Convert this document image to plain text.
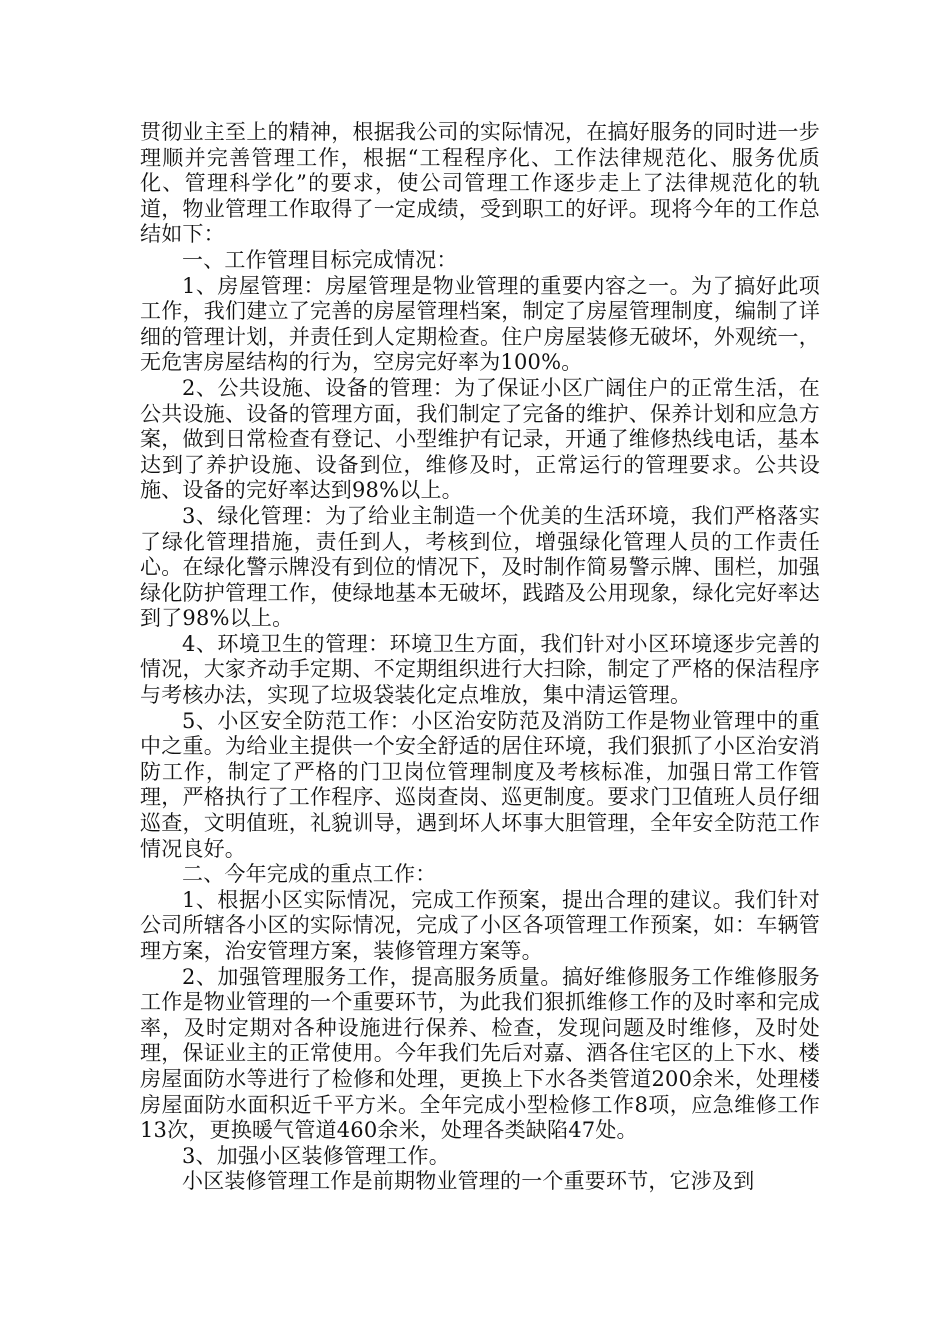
贯彻业主至上的精神，根据我公司的实际情况，在搞好服务的同时进一步理顺并完善管理工作，根据“工程程序化、工作法律规范化、服务优质化、管理科学化”的要求，使公司管理工作逐步走上了法律规范化的轨道，物业管理工作取得了一定成绩，受到职工的好评。现将今年的工作总结如下：

一、工作管理目标完成情况：

1、房屋管理：房屋管理是物业管理的重要内容之一。为了搞好此项工作，我们建立了完善的房屋管理档案，制定了房屋管理制度，编制了详细的管理计划，并责任到人定期检查。住户房屋装修无破坏，外观统一，无危害房屋结构的行为，空房完好率为100%。

2、公共设施、设备的管理：为了保证小区广阔住户的正常生活，在公共设施、设备的管理方面，我们制定了完备的维护、保养计划和应急方案，做到日常检查有登记、小型维护有记录，开通了维修热线电话，基本达到了养护设施、设备到位，维修及时，正常运行的管理要求。公共设施、设备的完好率达到98%以上。

3、绿化管理：为了给业主制造一个优美的生活环境，我们严格落实了绿化管理措施，责任到人，考核到位，增强绿化管理人员的工作责任心。在绿化警示牌没有到位的情况下，及时制作简易警示牌、围栏，加强绿化防护管理工作，使绿地基本无破坏，践踏及公用现象，绿化完好率达到了98%以上。

4、环境卫生的管理：环境卫生方面，我们针对小区环境逐步完善的情况，大家齐动手定期、不定期组织进行大扫除，制定了严格的保洁程序与考核办法，实现了垃圾袋装化定点堆放，集中清运管理。

5、小区安全防范工作：小区治安防范及消防工作是物业管理中的重中之重。为给业主提供一个安全舒适的居住环境，我们狠抓了小区治安消防工作，制定了严格的门卫岗位管理制度及考核标准，加强日常工作管理，严格执行了工作程序、巡岗查岗、巡更制度。要求门卫值班人员仔细巡查，文明值班，礼貌训导，遇到坏人坏事大胆管理，全年安全防范工作情况良好。

二、今年完成的重点工作：

1、根据小区实际情况，完成工作预案，提出合理的建议。我们针对公司所辖各小区的实际情况，完成了小区各项管理工作预案，如：车辆管理方案，治安管理方案，装修管理方案等。

2、加强管理服务工作，提高服务质量。搞好维修服务工作维修服务工作是物业管理的一个重要环节，为此我们狠抓维修工作的及时率和完成率，及时定期对各种设施进行保养、检查，发现问题及时维修，及时处理，保证业主的正常使用。今年我们先后对嘉、酒各住宅区的上下水、楼房屋面防水等进行了检修和处理，更换上下水各类管道200余米，处理楼房屋面防水面积近千平方米。全年完成小型检修工作8项，应急维修工作13次，更换暖气管道460余米，处理各类缺陷47处。

3、加强小区装修管理工作。

小区装修管理工作是前期物业管理的一个重要环节，它涉及到
